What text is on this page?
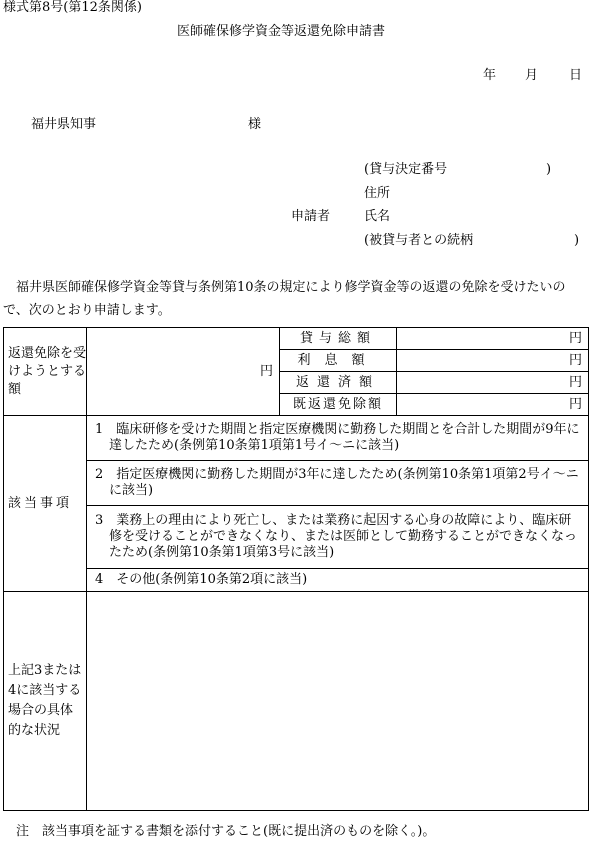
様式第8号(第12条関係)
医師確保修学資金等返還免除申請書
年 月 日
福井県知事	様
(貸与決定番号	)
住所
申請者	氏名
(被貸与者との続柄	)
福井県医師確保修学資金等貸与条例第10条の規定により修学資金等の返還の免除を受けたいので、次のとおり申請します。
返還免除を受けようとする額	円	貸与総額	円
		利息額	円
		返還済額	円
		既返還免除額	円
該当事項	1　臨床研修を受けた期間と指定医療機関に勤務した期間とを合計した期間が9年に達したため(条例第10条第1項第1号イ～ニに該当)		

	2　指定医療機関に勤務した期間が3年に達したため(条例第10条第1項第2号イ～ニに該当)		

	3　業務上の理由により死亡し、または業務に起因する心身の故障により、臨床研修を受けることができなくなり、または医師として勤務することができなくなったため(条例第10条第1項第3号に該当)		

	4　その他(条例第10条第2項に該当)		

上記3または4に該当する場合の具体的な状況			
注　該当事項を証する書類を添付すること(既に提出済のものを除く。)。
